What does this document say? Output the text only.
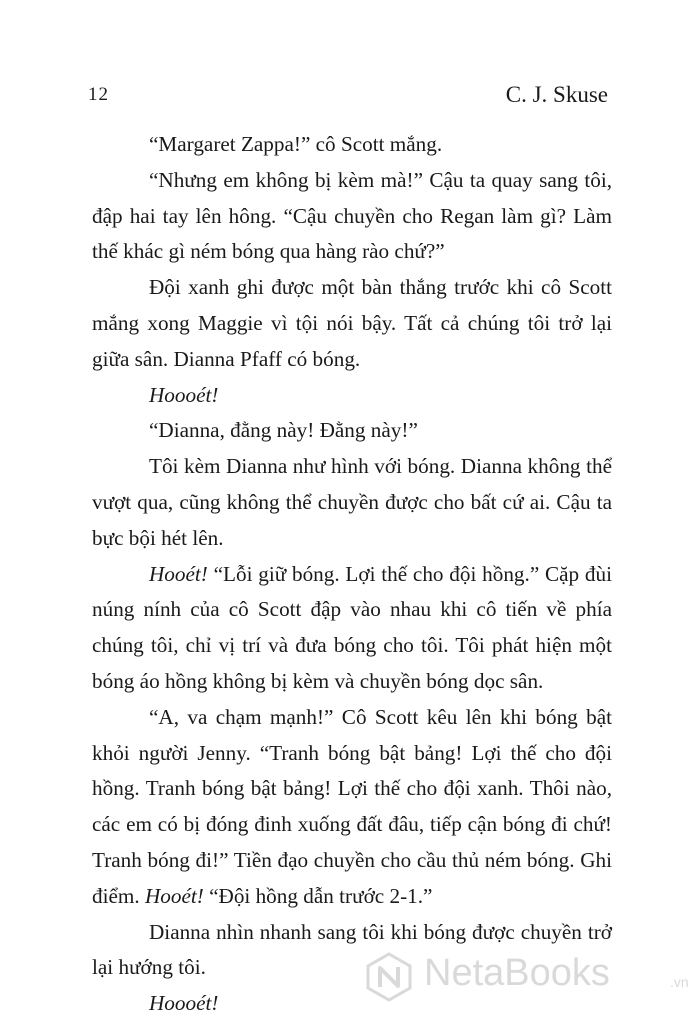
12	C. J. Skuse

“Margaret Zappa!” cô Scott mắng.

“Nhưng em không bị kèm mà!” Cậu ta quay sang tôi, đập hai tay lên hông. “Cậu chuyền cho Regan làm gì? Làm thế khác gì ném bóng qua hàng rào chứ?”

Đội xanh ghi được một bàn thắng trước khi cô Scott mắng xong Maggie vì tội nói bậy. Tất cả chúng tôi trở lại giữa sân. Dianna Pfaff có bóng.

Hoooét!

“Dianna, đằng này! Đằng này!”

Tôi kèm Dianna như hình với bóng. Dianna không thể vượt qua, cũng không thể chuyền được cho bất cứ ai. Cậu ta bực bội hét lên.

Hooét! “Lỗi giữ bóng. Lợi thế cho đội hồng.” Cặp đùi núng nính của cô Scott đập vào nhau khi cô tiến về phía chúng tôi, chỉ vị trí và đưa bóng cho tôi. Tôi phát hiện một bóng áo hồng không bị kèm và chuyền bóng dọc sân.

“A, va chạm mạnh!” Cô Scott kêu lên khi bóng bật khỏi người Jenny. “Tranh bóng bật bảng! Lợi thế cho đội hồng. Tranh bóng bật bảng! Lợi thế cho đội xanh. Thôi nào, các em có bị đóng đinh xuống đất đâu, tiếp cận bóng đi chứ! Tranh bóng đi!” Tiền đạo chuyền cho cầu thủ ném bóng. Ghi điểm. Hooét! “Đội hồng dẫn trước 2-1.”

Dianna nhìn nhanh sang tôi khi bóng được chuyền trở lại hướng tôi.

Hoooét!

NetaBooks	.vn
